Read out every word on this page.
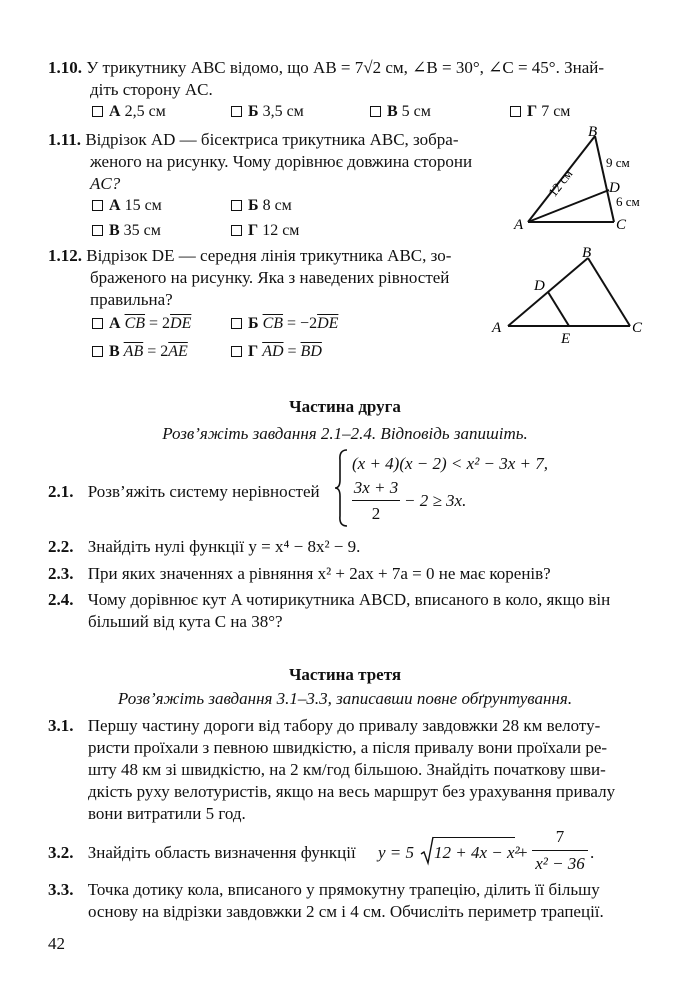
1.10. У трикутнику ABC відомо, що AB = 7√2 см, ∠B = 30°, ∠C = 45°. Знай-
діть сторону AC.
А 2,5 см	Б 3,5 см	В 5 см	Г 7 см
1.11. Відрізок AD — бісектриса трикутника ABC, зобра-
женого на рисунку. Чому дорівнює довжина сторони
AC?
А 15 см	Б 8 см
В 35 см	Г 12 см
B
A	C
D
9 см
6 см
12 см
1.12. Відрізок DE — середня лінія трикутника ABC, зо-
браженого на рисунку. Яка з наведених рівностей
правильна?
А $\overline{CB} = 2\overline{DE}$	Б $\overline{CB} = -2\overline{DE}$
В $\overline{AB} = 2\overline{AE}$	Г $\overline{AD} = \overline{BD}$
B
A	C
D
E
Частина друга
Розв’яжіть завдання 2.1–2.4. Відповідь запишіть.
2.1. Розв’яжіть систему нерівностей
(x + 4)(x − 2) < x² − 3x + 7,
3x + 3
2
− 2 ≥ 3x.
2.2. Знайдіть нулі функції y = x⁴ − 8x² − 9.
2.3. При яких значеннях a рівняння x² + 2ax + 7a = 0 не має коренів?
2.4. Чому дорівнює кут A чотирикутника ABCD, вписаного в коло, якщо він
більший від кута C на 38°?
Частина третя
Розв’яжіть завдання 3.1–3.3, записавши повне обґрунтування.
3.1. Першу частину дороги від табору до привалу завдовжки 28 км велоту-
ристи проїхали з певною швидкістю, а після привалу вони проїхали ре-
шту 48 км зі швидкістю, на 2 км/год більшою. Знайдіть початкову шви-
дкість руху велотуристів, якщо на весь маршрут без урахування привалу
вони витратили 5 год.
3.2. Знайдіть область визначення функції y = 5 12 + 4x − x²
+
7
x² − 36
.
3.3. Точка дотику кола, вписаного у прямокутну трапецію, ділить її більшу
основу на відрізки завдовжки 2 см і 4 см. Обчисліть периметр трапеції.
42
